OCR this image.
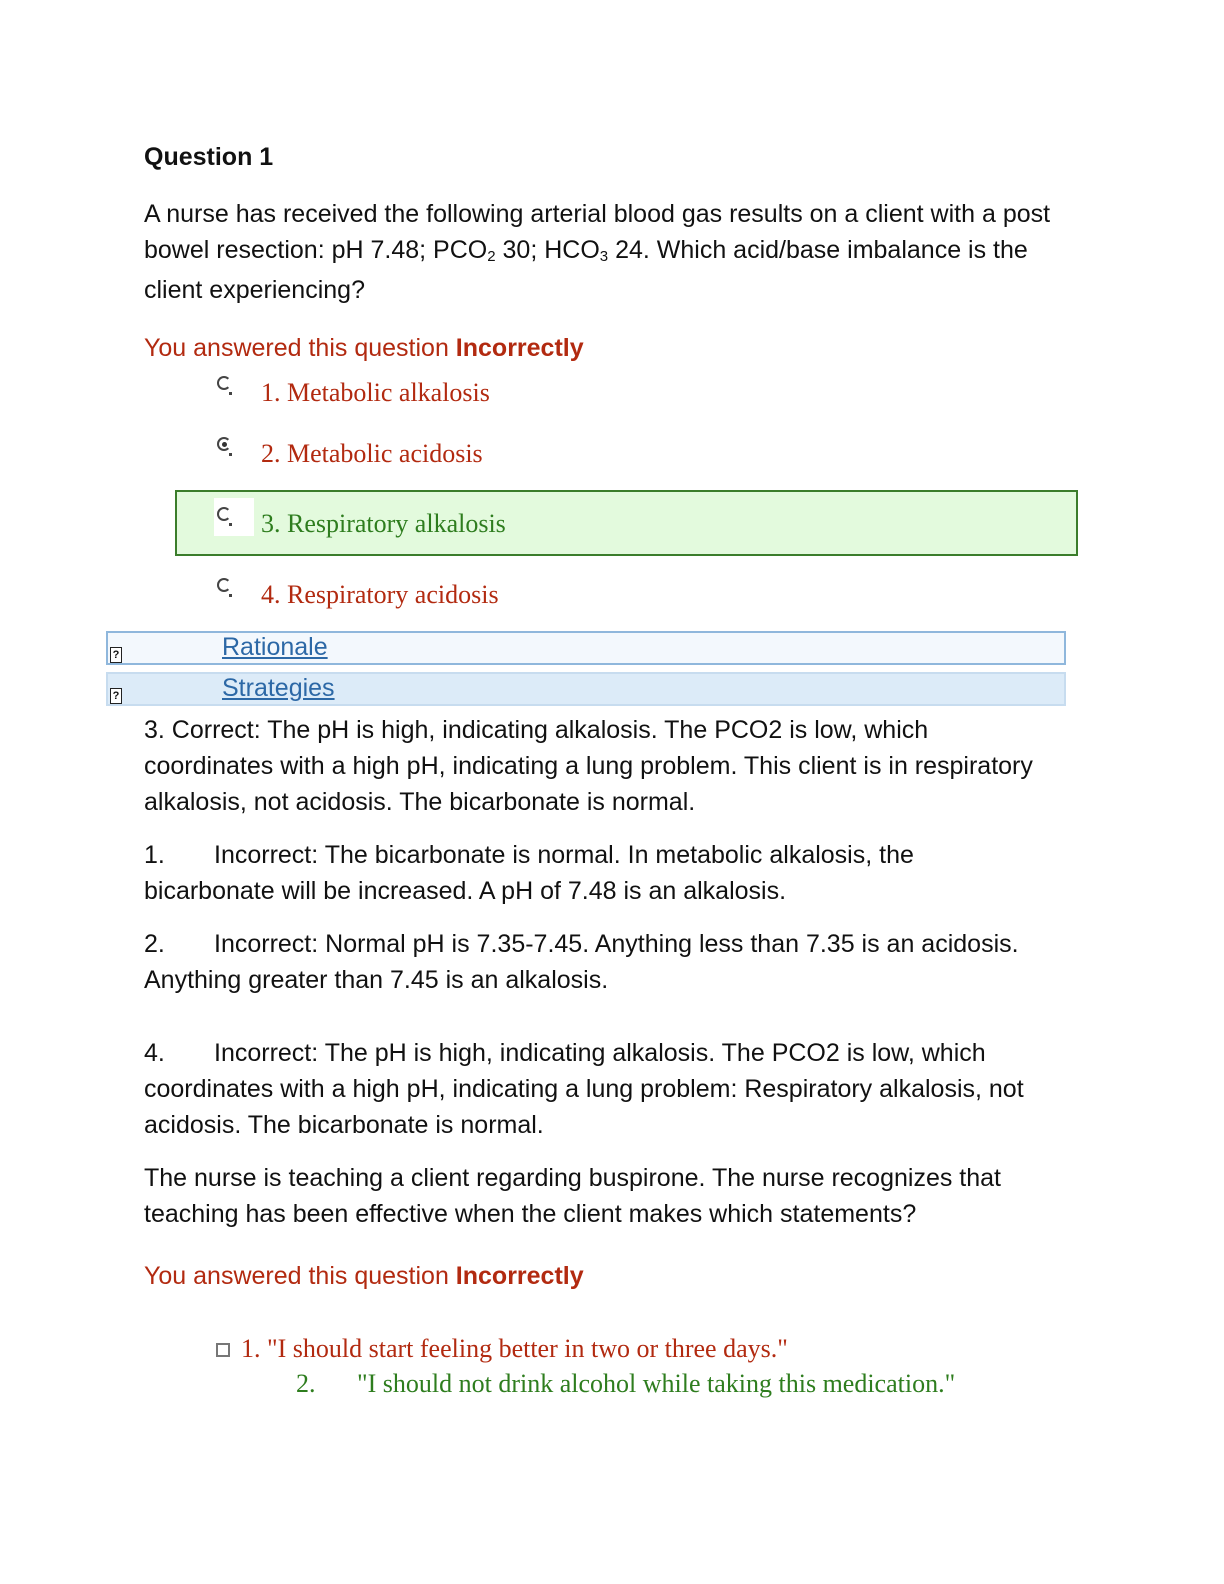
Question 1
A nurse has received the following arterial blood gas results on a client with a post bowel resection: pH 7.48; $PCO_2$ 30; $HCO_3$ 24. Which acid/base imbalance is the client experiencing?
You answered this question Incorrectly
1. Metabolic alkalosis
2. Metabolic acidosis
3. Respiratory alkalosis
4. Respiratory acidosis
?	Rationale
?	Strategies
3. Correct: The pH is high, indicating alkalosis. The PCO2 is low, which coordinates with a high pH, indicating a lung problem. This client is in respiratory alkalosis, not acidosis. The bicarbonate is normal.
1. Incorrect: The bicarbonate is normal. In metabolic alkalosis, the bicarbonate will be increased. A pH of 7.48 is an alkalosis.
2. Incorrect: Normal pH is 7.35-7.45. Anything less than 7.35 is an acidosis. Anything greater than 7.45 is an alkalosis.
4. Incorrect: The pH is high, indicating alkalosis. The PCO2 is low, which coordinates with a high pH, indicating a lung problem: Respiratory alkalosis, not acidosis. The bicarbonate is normal.
The nurse is teaching a client regarding buspirone. The nurse recognizes that teaching has been effective when the client makes which statements?
You answered this question Incorrectly
1. "I should start feeling better in two or three days."
2. "I should not drink alcohol while taking this medication."
